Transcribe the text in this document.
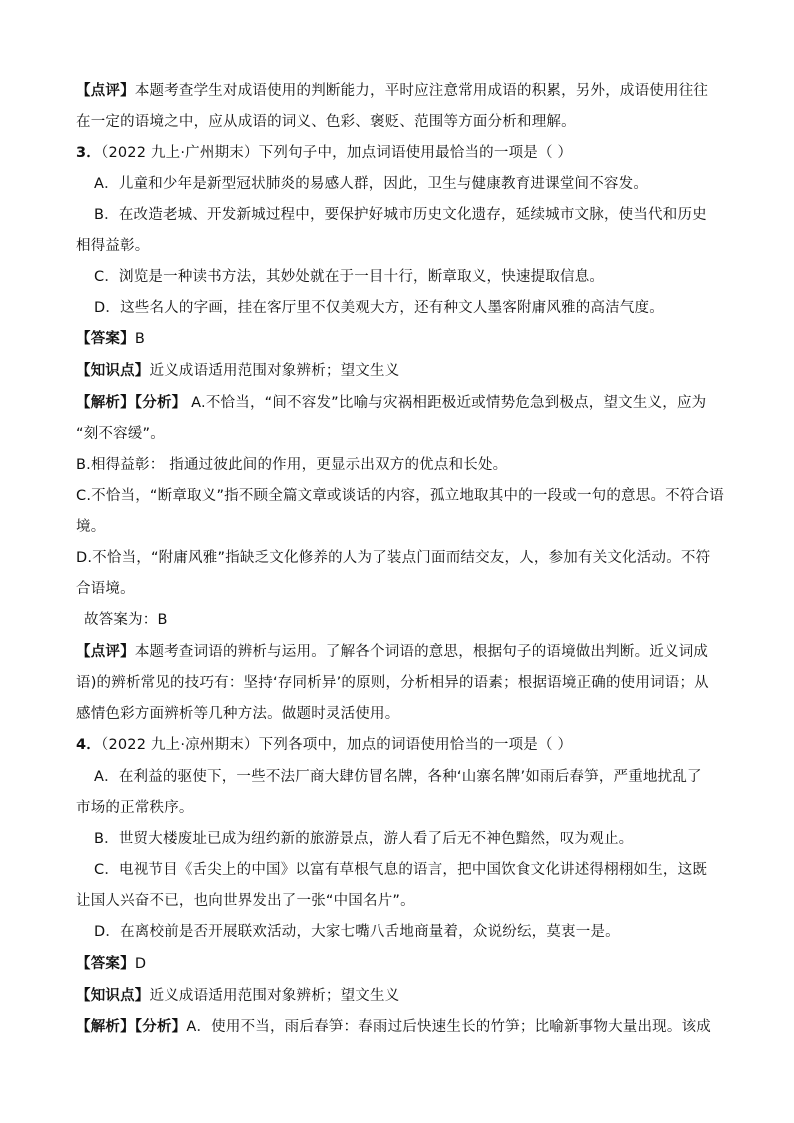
【点评】本题考查学生对成语使用的判断能力，平时应注意常用成语的积累，另外，成语使用往往
在一定的语境之中，应从成语的词义、色彩、褒贬、范围等方面分析和理解。
3．（2022 九上·广州期末）下列句子中，加点词语使用最恰当的一项是（ ）
A．儿童和少年是新型冠状肺炎的易感人群，因此，卫生与健康教育进课堂间不容发。
B．在改造老城、开发新城过程中，要保护好城市历史文化遗存，延续城市文脉，使当代和历史
相得益彰。
C．浏览是一种读书方法，其妙处就在于一目十行，断章取义，快速提取信息。
D．这些名人的字画，挂在客厅里不仅美观大方，还有种文人墨客附庸风雅的高洁气度。
【答案】B
【知识点】近义成语适用范围对象辨析；望文生义
【解析】【分析】 A.不恰当，“间不容发”比喻与灾祸相距极近或情势危急到极点，望文生义，应为
“刻不容缓”。
B.相得益彰： 指通过彼此间的作用，更显示出双方的优点和长处。
C.不恰当，“断章取义”指不顾全篇文章或谈话的内容，孤立地取其中的一段或一句的意思。不符合语
境。
D.不恰当，“附庸风雅”指缺乏文化修养的人为了装点门面而结交友，人，参加有关文化活动。不符
合语境。
故答案为：B
【点评】本题考查词语的辨析与运用。了解各个词语的意思，根据句子的语境做出判断。近义词成
语)的辨析常见的技巧有：坚持‘存同析异’的原则，分析相异的语素；根据语境正确的使用词语；从
感情色彩方面辨析等几种方法。做题时灵活使用。
4．（2022 九上·凉州期末）下列各项中，加点的词语使用恰当的一项是（ ）
A．在利益的驱使下，一些不法厂商大肆仿冒名牌，各种‘山寨名牌’如雨后春笋，严重地扰乱了
市场的正常秩序。
B．世贸大楼废址已成为纽约新的旅游景点，游人看了后无不神色黯然，叹为观止。
C．电视节目《舌尖上的中国》以富有草根气息的语言，把中国饮食文化讲述得栩栩如生，这既
让国人兴奋不已，也向世界发出了一张“中国名片”。
D．在离校前是否开展联欢活动，大家七嘴八舌地商量着，众说纷纭，莫衷一是。
【答案】D
【知识点】近义成语适用范围对象辨析；望文生义
【解析】【分析】A．使用不当，雨后春笋：春雨过后快速生长的竹笋；比喻新事物大量出现。该成
